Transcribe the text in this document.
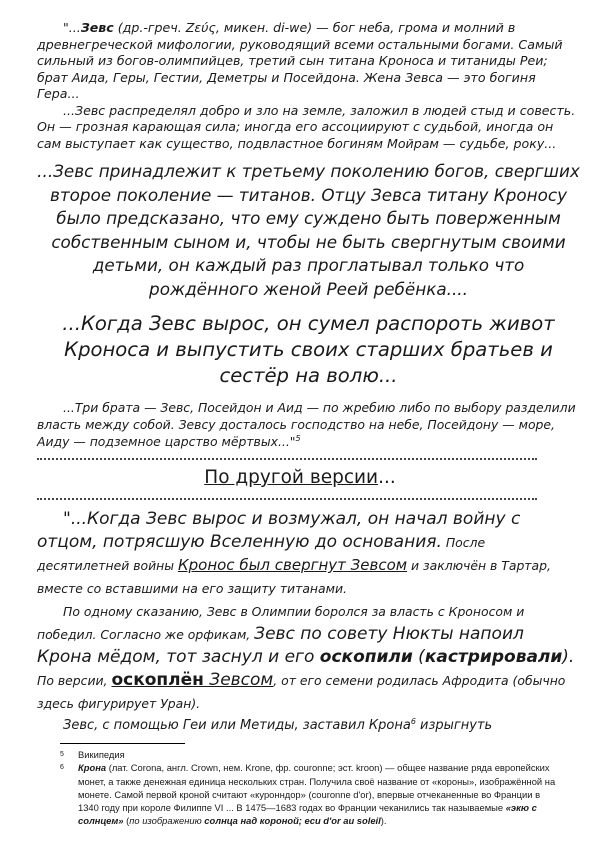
"...Зевс (др.-греч. Ζεύς, микен. di-we) — бог неба, грома и молний в древнегреческой мифологии, руководящий всеми остальными богами. Самый сильный из богов-олимпийцев, третий сын титана Кроноса и титаниды Реи; брат Аида, Геры, Гестии, Деметры и Посейдона. Жена Зевса — это богиня Гера...

...Зевс распределял добро и зло на земле, заложил в людей стыд и совесть. Он — грозная карающая сила; иногда его ассоциируют с судьбой, иногда он сам выступает как существо, подвластное богиням Мойрам — судьбе, року...

...Зевс принадлежит к третьему поколению богов, свергших второе поколение — титанов. Отцу Зевса титану Кроносу было предсказано, что ему суждено быть поверженным собственным сыном и, чтобы не быть свергнутым своими детьми, он каждый раз проглатывал только что рождённого женой Реей ребёнка....

...Когда Зевс вырос, он сумел распороть живот Кроноса и выпустить своих старших братьев и сестёр на волю...

...Три брата — Зевс, Посейдон и Аид — по жребию либо по выбору разделили власть между собой. Зевсу досталось господство на небе, Посейдону — море, Аиду — подземное царство мёртвых..."$^5$

По другой версии...

"...Когда Зевс вырос и возмужал, он начал войну с отцом, потрясшую Вселенную до основания. После десятилетней войны Кронос был свергнут Зевсом и заключён в Тартар, вместе со вставшими на его защиту титанами.

По одному сказанию, Зевс в Олимпии боролся за власть с Кроносом и победил. Согласно же орфикам, Зевс по совету Нюкты напоил Крона мёдом, тот заснул и его оскопили (кастрировали). По версии, оскоплён Зевсом, от его семени родилась Афродита (обычно здесь фигурирует Уран).

Зевс, с помощью Геи или Метиды, заставил Крона$^6$ изрыгнуть

5 Википедия
6 Крона (лат. Corona, англ. Crown, нем. Krone, фр. couronne; эст. kroon) — общее название ряда европейских монет, а также денежная единица нескольких стран. Получила своё название от «короны», изображённой на монете. Самой первой кроной считают «куронндор» (couronne d'or), впервые отчеканенные во Франции в 1340 году при короле Филиппе VI ... В 1475—1683 годах во Франции чеканились так называемые «экю с солнцем» (по изображению солнца над короной; ecu d'or au soleil).
